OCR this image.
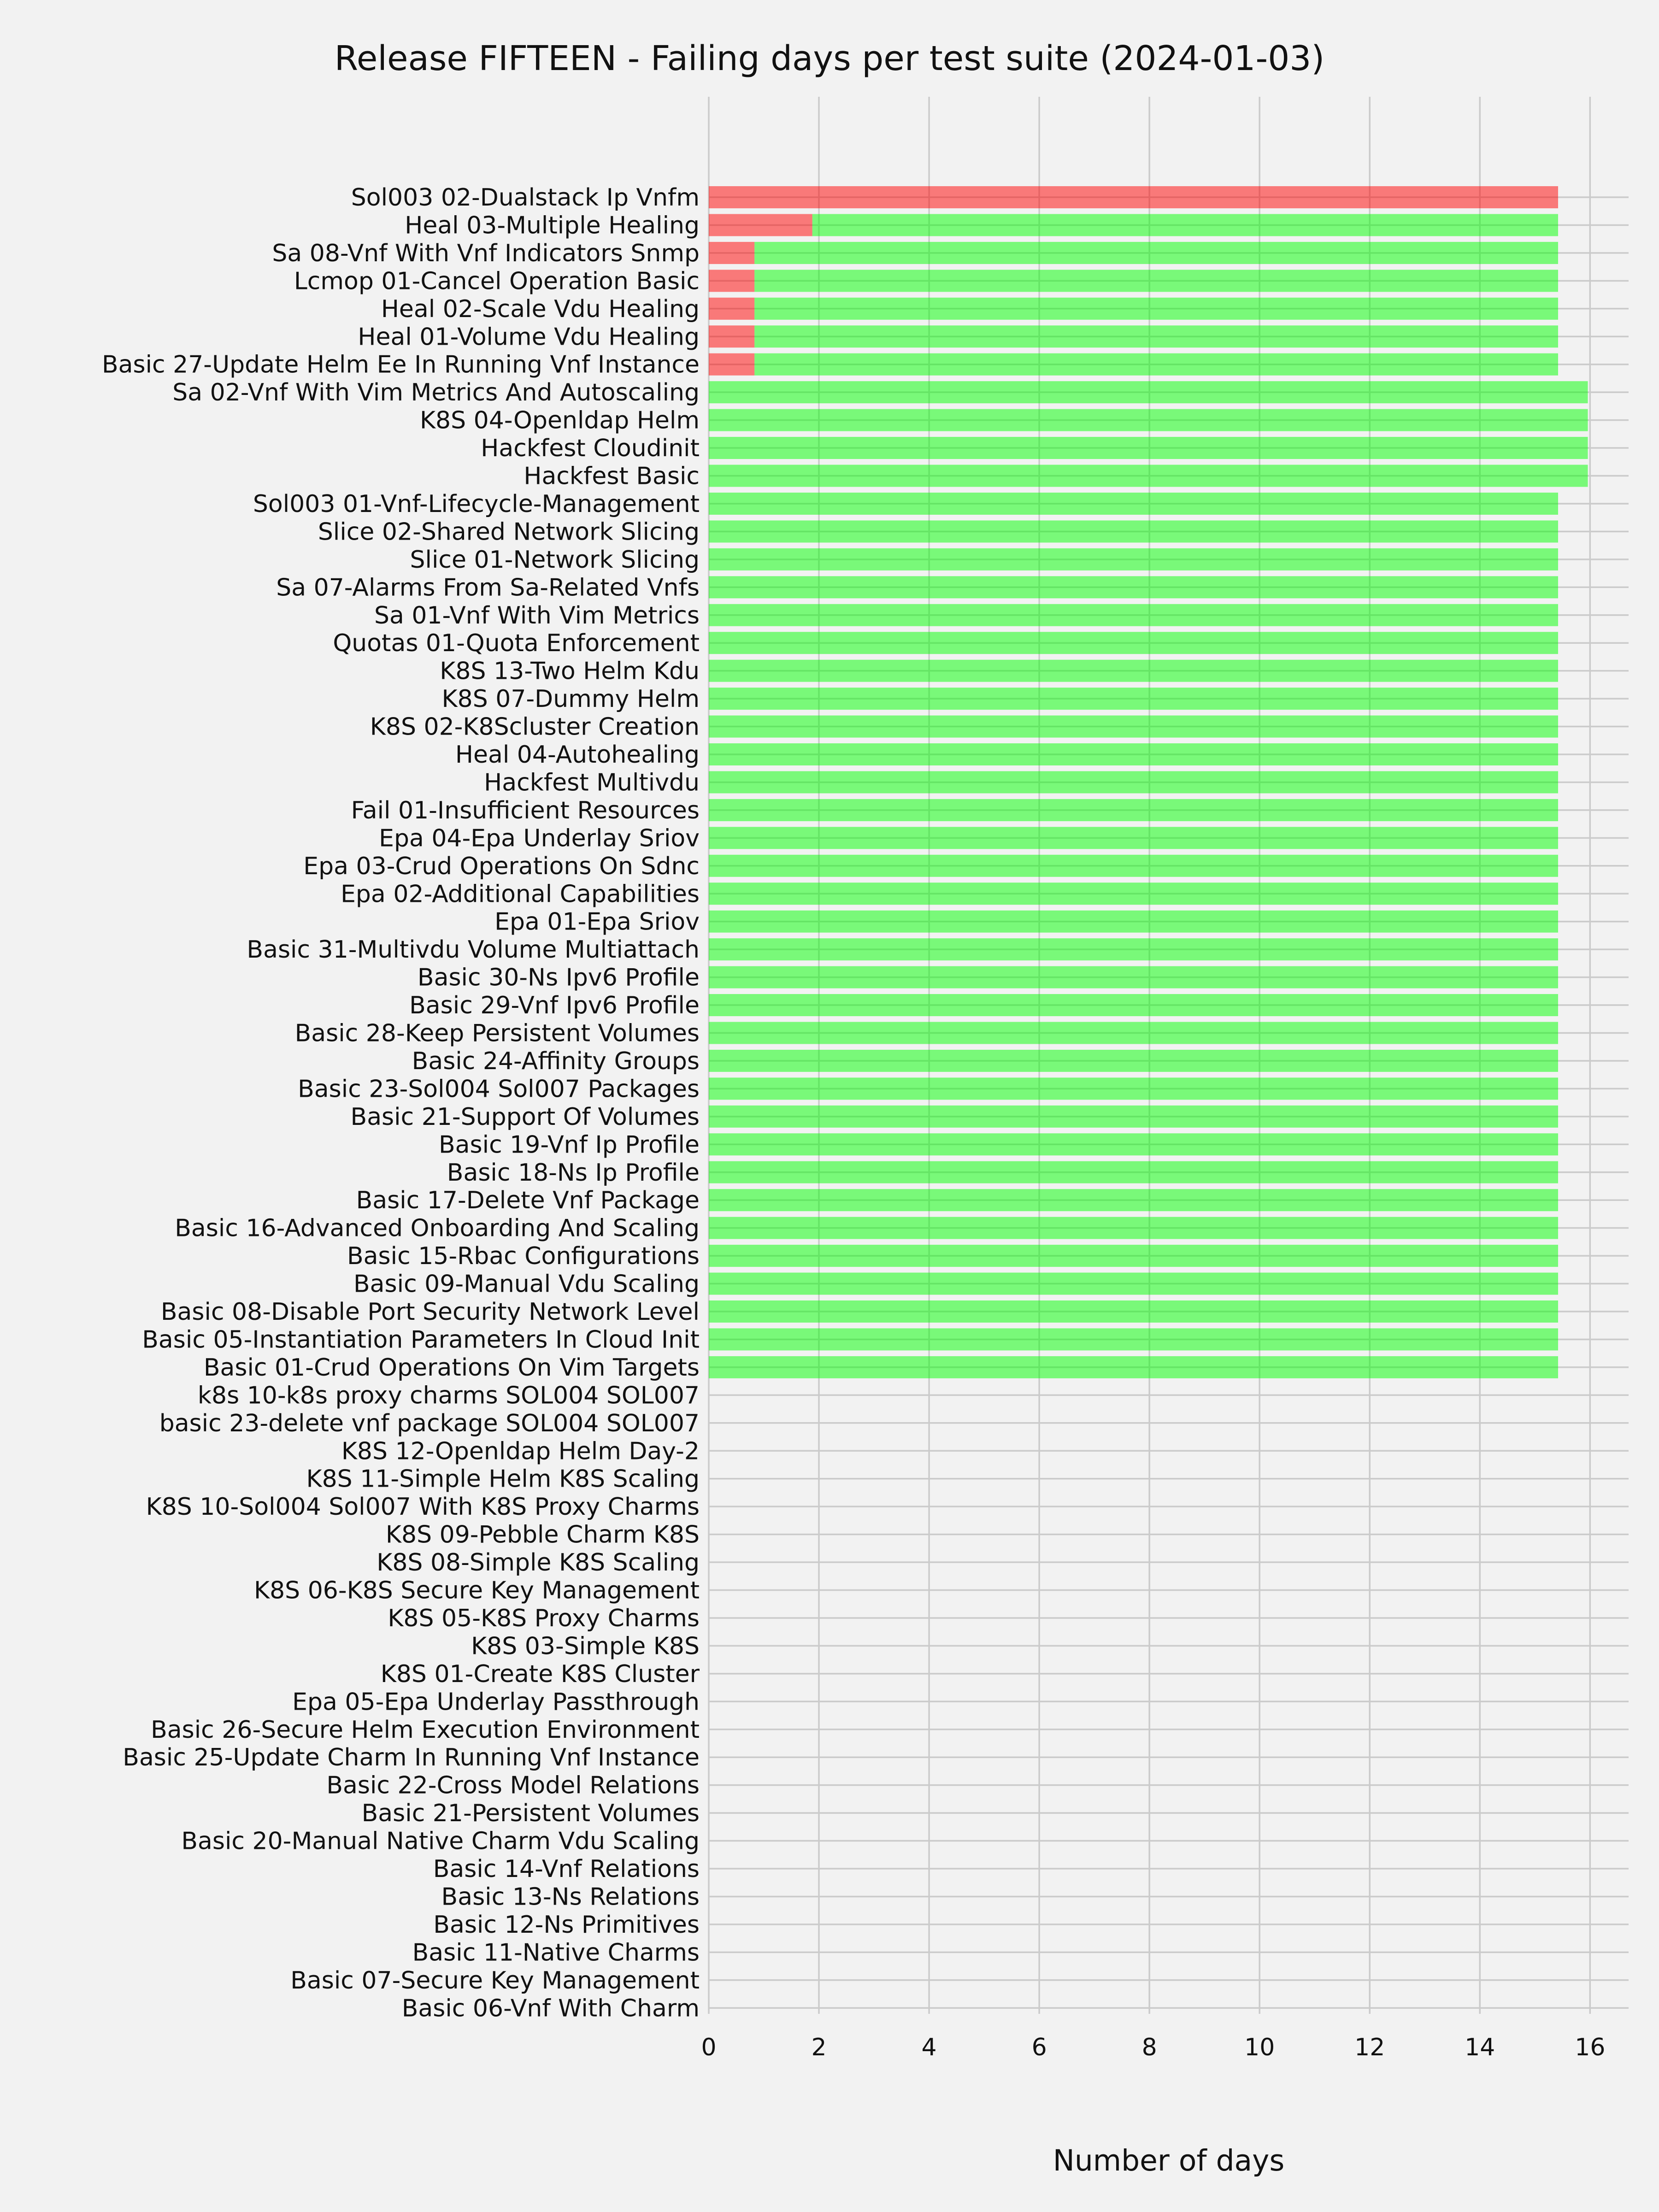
Release FIFTEEN - Failing days per test suite (2024-01-03)
Sol003 02-Dualstack Ip Vnfm
Heal 03-Multiple Healing
Sa 08-Vnf With Vnf Indicators Snmp
Lcmop 01-Cancel Operation Basic
Heal 02-Scale Vdu Healing
Heal 01-Volume Vdu Healing
Basic 27-Update Helm Ee In Running Vnf Instance
Sa 02-Vnf With Vim Metrics And Autoscaling
K8S 04-Openldap Helm
Hackfest Cloudinit
Hackfest Basic
Sol003 01-Vnf-Lifecycle-Management
Slice 02-Shared Network Slicing
Slice 01-Network Slicing
Sa 07-Alarms From Sa-Related Vnfs
Sa 01-Vnf With Vim Metrics
Quotas 01-Quota Enforcement
K8S 13-Two Helm Kdu
K8S 07-Dummy Helm
K8S 02-K8Scluster Creation
Heal 04-Autohealing
Hackfest Multivdu
Fail 01-Insufficient Resources
Epa 04-Epa Underlay Sriov
Epa 03-Crud Operations On Sdnc
Epa 02-Additional Capabilities
Epa 01-Epa Sriov
Basic 31-Multivdu Volume Multiattach
Basic 30-Ns Ipv6 Profile
Basic 29-Vnf Ipv6 Profile
Basic 28-Keep Persistent Volumes
Basic 24-Affinity Groups
Basic 23-Sol004 Sol007 Packages
Basic 21-Support Of Volumes
Basic 19-Vnf Ip Profile
Basic 18-Ns Ip Profile
Basic 17-Delete Vnf Package
Basic 16-Advanced Onboarding And Scaling
Basic 15-Rbac Configurations
Basic 09-Manual Vdu Scaling
Basic 08-Disable Port Security Network Level
Basic 05-Instantiation Parameters In Cloud Init
Basic 01-Crud Operations On Vim Targets
k8s 10-k8s proxy charms SOL004 SOL007
basic 23-delete vnf package SOL004 SOL007
K8S 12-Openldap Helm Day-2
K8S 11-Simple Helm K8S Scaling
K8S 10-Sol004 Sol007 With K8S Proxy Charms
K8S 09-Pebble Charm K8S
K8S 08-Simple K8S Scaling
K8S 06-K8S Secure Key Management
K8S 05-K8S Proxy Charms
K8S 03-Simple K8S
K8S 01-Create K8S Cluster
Epa 05-Epa Underlay Passthrough
Basic 26-Secure Helm Execution Environment
Basic 25-Update Charm In Running Vnf Instance
Basic 22-Cross Model Relations
Basic 21-Persistent Volumes
Basic 20-Manual Native Charm Vdu Scaling
Basic 14-Vnf Relations
Basic 13-Ns Relations
Basic 12-Ns Primitives
Basic 11-Native Charms
Basic 07-Secure Key Management
Basic 06-Vnf With Charm
0	2	4	6	8	10	12	14	16
Number of days
